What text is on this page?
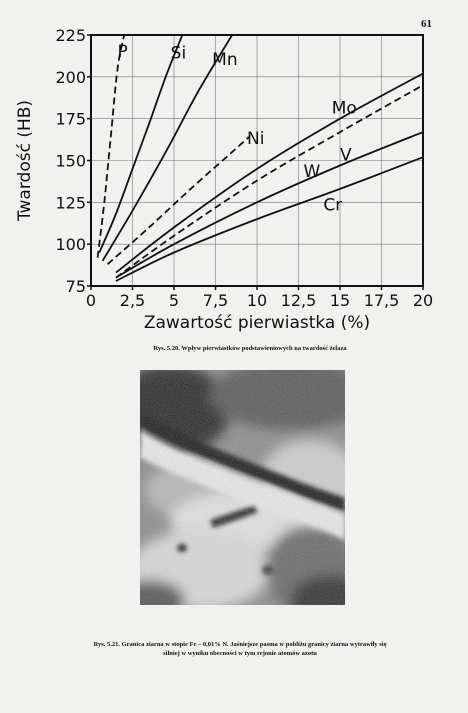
61
P	Si Mn
Ni
Mo
V
W
Cr
0 2,5 5 7,5 10 12,5 15 17,5 20
75
100
125
150
175
200
225
Twardość (HB)
Zawartość pierwiastka (%)
Rys. 5.20. Wpływ pierwiastków podstawieniowych na twardość żelaza
Rys. 5.21. Granica ziarna w stopie Fe – 0,01% N. Jaśniejsze pasma w pobliżu granicy ziarna wytrawiły się
silniej w wyniku obecności w tym rejonie atomów azotu
